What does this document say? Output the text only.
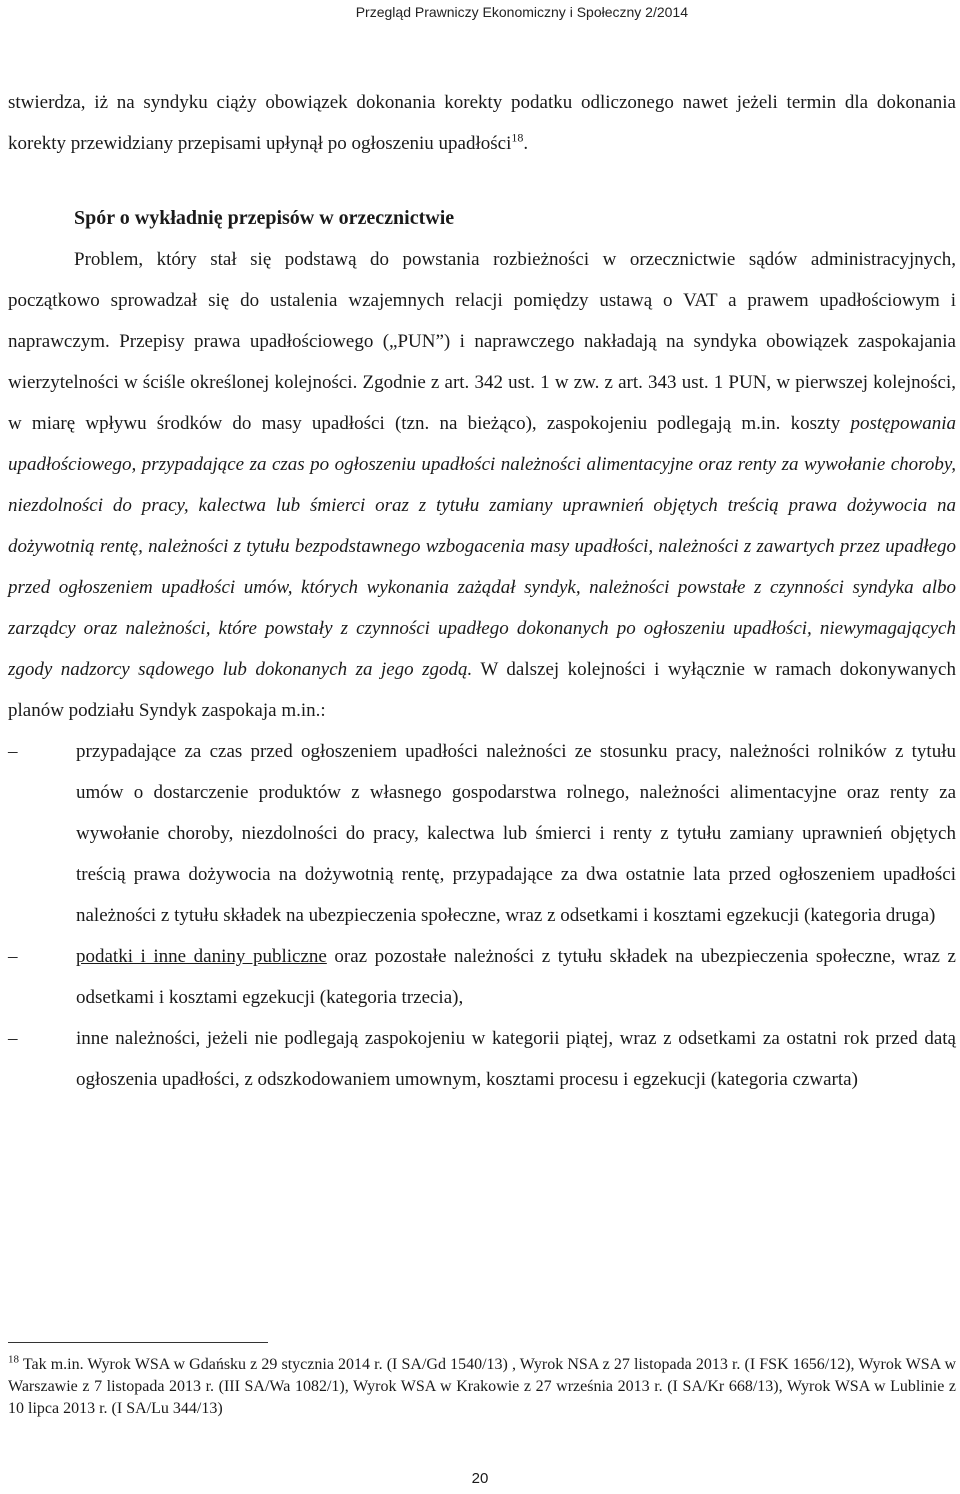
Przegląd Prawniczy Ekonomiczny i Społeczny 2/2014

stwierdza, iż na syndyku ciąży obowiązek dokonania korekty podatku odliczonego nawet jeżeli termin dla dokonania korekty przewidziany przepisami upłynął po ogłoszeniu upadłości$^{18}$.

Spór o wykładnię przepisów w orzecznictwie

Problem, który stał się podstawą do powstania rozbieżności w orzecznictwie sądów administracyjnych, początkowo sprowadzał się do ustalenia wzajemnych relacji pomiędzy ustawą o VAT a prawem upadłościowym i naprawczym. Przepisy prawa upadłościowego („PUN”) i naprawczego nakładają na syndyka obowiązek zaspokajania wierzytelności w ściśle określonej kolejności. Zgodnie z art. 342 ust. 1 w zw. z art. 343 ust. 1 PUN, w pierwszej kolejności, w miarę wpływu środków do masy upadłości (tzn. na bieżąco), zaspokojeniu podlegają m.in. koszty postępowania upadłościowego, przypadające za czas po ogłoszeniu upadłości należności alimentacyjne oraz renty za wywołanie choroby, niezdolności do pracy, kalectwa lub śmierci oraz z tytułu zamiany uprawnień objętych treścią prawa dożywocia na dożywotnią rentę, należności z tytułu bezpodstawnego wzbogacenia masy upadłości, należności z zawartych przez upadłego przed ogłoszeniem upadłości umów, których wykonania zażądał syndyk, należności powstałe z czynności syndyka albo zarządcy oraz należności, które powstały z czynności upadłego dokonanych po ogłoszeniu upadłości, niewymagających zgody nadzorcy sądowego lub dokonanych za jego zgodą. W dalszej kolejności i wyłącznie w ramach dokonywanych planów podziału Syndyk zaspokaja m.in.:

–	przypadające za czas przed ogłoszeniem upadłości należności ze stosunku pracy, należności rolników z tytułu umów o dostarczenie produktów z własnego gospodarstwa rolnego, należności alimentacyjne oraz renty za wywołanie choroby, niezdolności do pracy, kalectwa lub śmierci i renty z tytułu zamiany uprawnień objętych treścią prawa dożywocia na dożywotnią rentę, przypadające za dwa ostatnie lata przed ogłoszeniem upadłości należności z tytułu składek na ubezpieczenia społeczne, wraz z odsetkami i kosztami egzekucji (kategoria druga)
–	podatki i inne daniny publiczne oraz pozostałe należności z tytułu składek na ubezpieczenia społeczne, wraz z odsetkami i kosztami egzekucji (kategoria trzecia),
–	inne należności, jeżeli nie podlegają zaspokojeniu w kategorii piątej, wraz z odsetkami za ostatni rok przed datą ogłoszenia upadłości, z odszkodowaniem umownym, kosztami procesu i egzekucji (kategoria czwarta)
$^{18}$ Tak m.in. Wyrok WSA w Gdańsku z 29 stycznia 2014 r. (I SA/Gd 1540/13) , Wyrok NSA z 27 listopada 2013 r. (I FSK 1656/12), Wyrok WSA w Warszawie z 7 listopada 2013 r. (III SA/Wa 1082/1), Wyrok WSA w Krakowie z 27 września 2013 r. (I SA/Kr 668/13), Wyrok WSA w Lublinie z 10 lipca 2013 r. (I SA/Lu 344/13)
20
